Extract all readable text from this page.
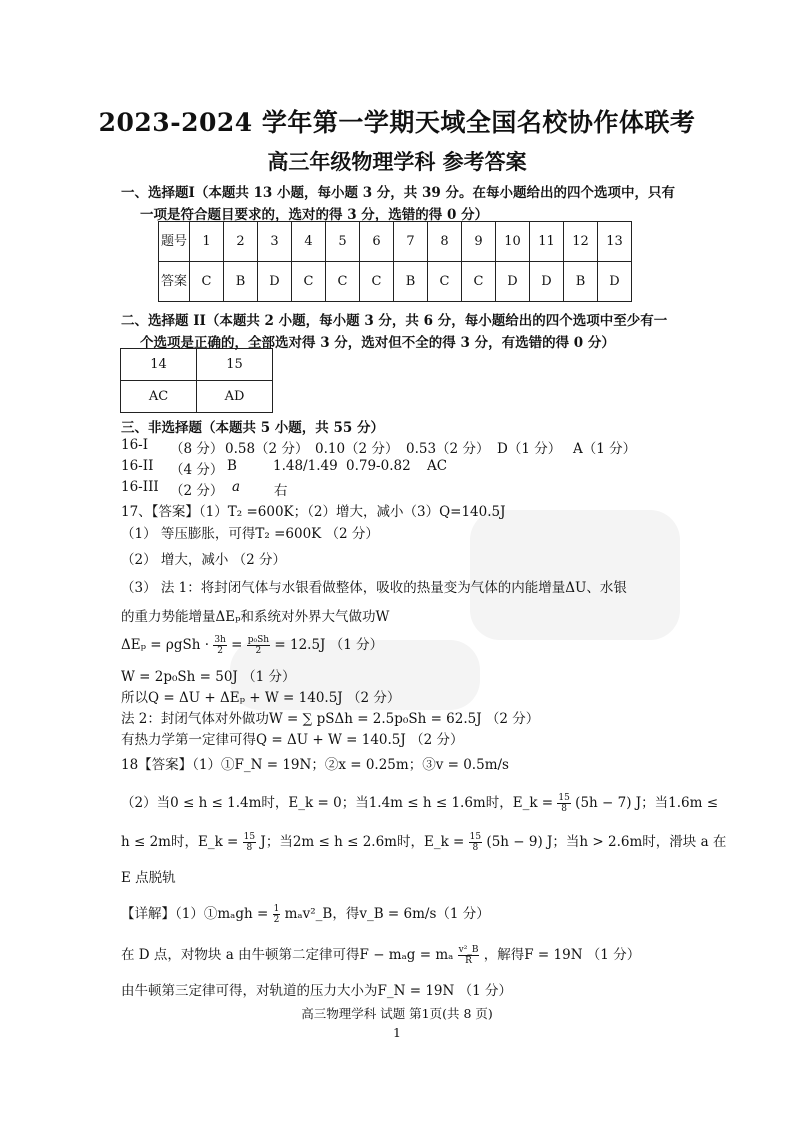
2023-2024 学年第一学期天域全国名校协作体联考
高三年级物理学科 参考答案
一、选择题I（本题共 13 小题，每小题 3 分，共 39 分。在每小题给出的四个选项中，只有
一项是符合题目要求的，选对的得 3 分，选错的得 0 分）
题号	1	2	3	4	5	6	7	8	9	10	11	12	13
答案	C	B	D	C	C	C	B	C	C	D	D	B	D
二、选择题 II（本题共 2 小题，每小题 3 分，共 6 分，每小题给出的四个选项中至少有一
个选项是正确的，全部选对得 3 分，选对但不全的得 3 分，有选错的得 0 分）
14	15
AC	AD
三、非选择题（本题共 5 小题，共 55 分）
16-I （8 分） 0.58（2 分） 0.10（2 分） 0.53（2 分） D（1 分） A（1 分）
16-II （4 分） B	1.48/1.49 0.79-0.82 AC
16-III （2 分） a	右
17、【答案】（1）T₂ =600K；（2）增大，减小（3）Q=140.5J
（1） 等压膨胀，可得T₂ =600K （2 分）
（2） 增大，减小 （2 分）
（3） 法 1：将封闭气体与水银看做整体，吸收的热量变为气体的内能增量ΔU、水银
的重力势能增量ΔEₚ和系统对外界大气做功W
$\Delta E_p = \rho gSh \cdot \frac{3h}{2} = \frac{\text{p₀Sh}}{2} = 12.5J$ （1 分）
W = 2p₀Sh = 50J （1 分）
所以Q = ΔU + ΔEₚ + W = 140.5J （2 分）
法 2：封闭气体对外做功W = ∑ pSΔh = 2.5p₀Sh = 62.5J （2 分）
有热力学第一定律可得Q = ΔU + W = 140.5J （2 分）
18【答案】（1）①F_N = 19N；②x = 0.25m；③v = 0.5m/s
（2）当0 ≤ h ≤ 1.4m时，E_k = 0；当1.4m ≤ h ≤ 1.6m时，E_k = $\frac{15}{8} (5h - 7)$ J；当1.6m ≤
h ≤ 2m时，E_k = $\frac{15}{8}$ J；当2m ≤ h ≤ 2.6m时，E_k = $\frac{15}{8} (5h - 9)$ J；当h > 2.6m时，滑块 a 在
E 点脱轨
【详解】（1）①mₐgh = $\frac{1}{2}$ mₐv²_B，得v_B = 6m/s（1 分）
在 D 点，对物块 a 由牛顿第二定律可得F − mₐg = mₐ $\frac{\text{v²\_B}}{R}$ ，解得F = 19N （1 分）
由牛顿第三定律可得，对轨道的压力大小为F_N = 19N （1 分）
高三物理学科 试题 第1页(共 8 页)
1
